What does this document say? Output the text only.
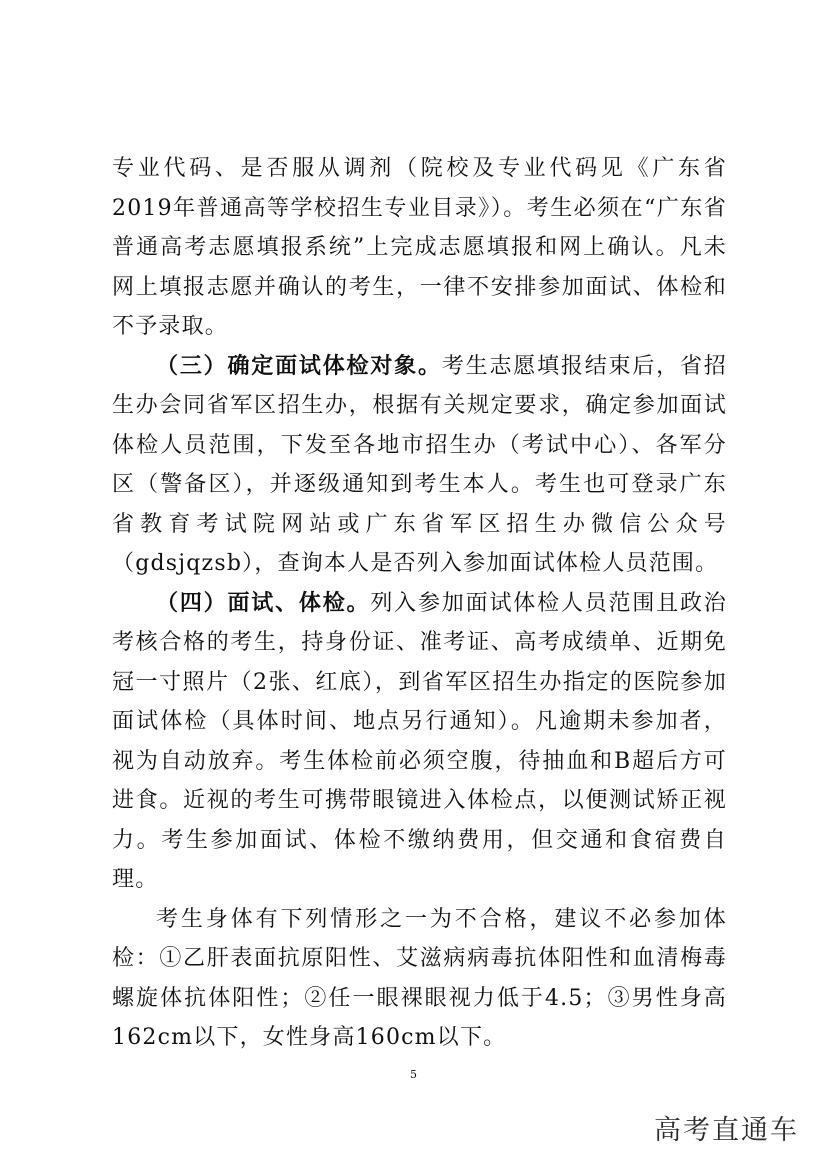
专业代码、是否服从调剂（院校及专业代码见《广东省2019年普通高等学校招生专业目录》）。考生必须在“广东省普通高考志愿填报系统”上完成志愿填报和网上确认。凡未网上填报志愿并确认的考生，一律不安排参加面试、体检和不予录取。

（三）确定面试体检对象。考生志愿填报结束后，省招生办会同省军区招生办，根据有关规定要求，确定参加面试体检人员范围，下发至各地市招生办（考试中心）、各军分区（警备区），并逐级通知到考生本人。考生也可登录广东省教育考试院网站或广东省军区招生办微信公众号（gdsjqzsb），查询本人是否列入参加面试体检人员范围。

（四）面试、体检。列入参加面试体检人员范围且政治考核合格的考生，持身份证、准考证、高考成绩单、近期免冠一寸照片（2张、红底），到省军区招生办指定的医院参加面试体检（具体时间、地点另行通知）。凡逾期未参加者，视为自动放弃。考生体检前必须空腹，待抽血和B超后方可进食。近视的考生可携带眼镜进入体检点，以便测试矫正视力。考生参加面试、体检不缴纳费用，但交通和食宿费自理。

考生身体有下列情形之一为不合格，建议不必参加体检：①乙肝表面抗原阳性、艾滋病病毒抗体阳性和血清梅毒螺旋体抗体阳性；②任一眼裸眼视力低于4.5；③男性身高162cm以下，女性身高160cm以下。

5
高考直通车
